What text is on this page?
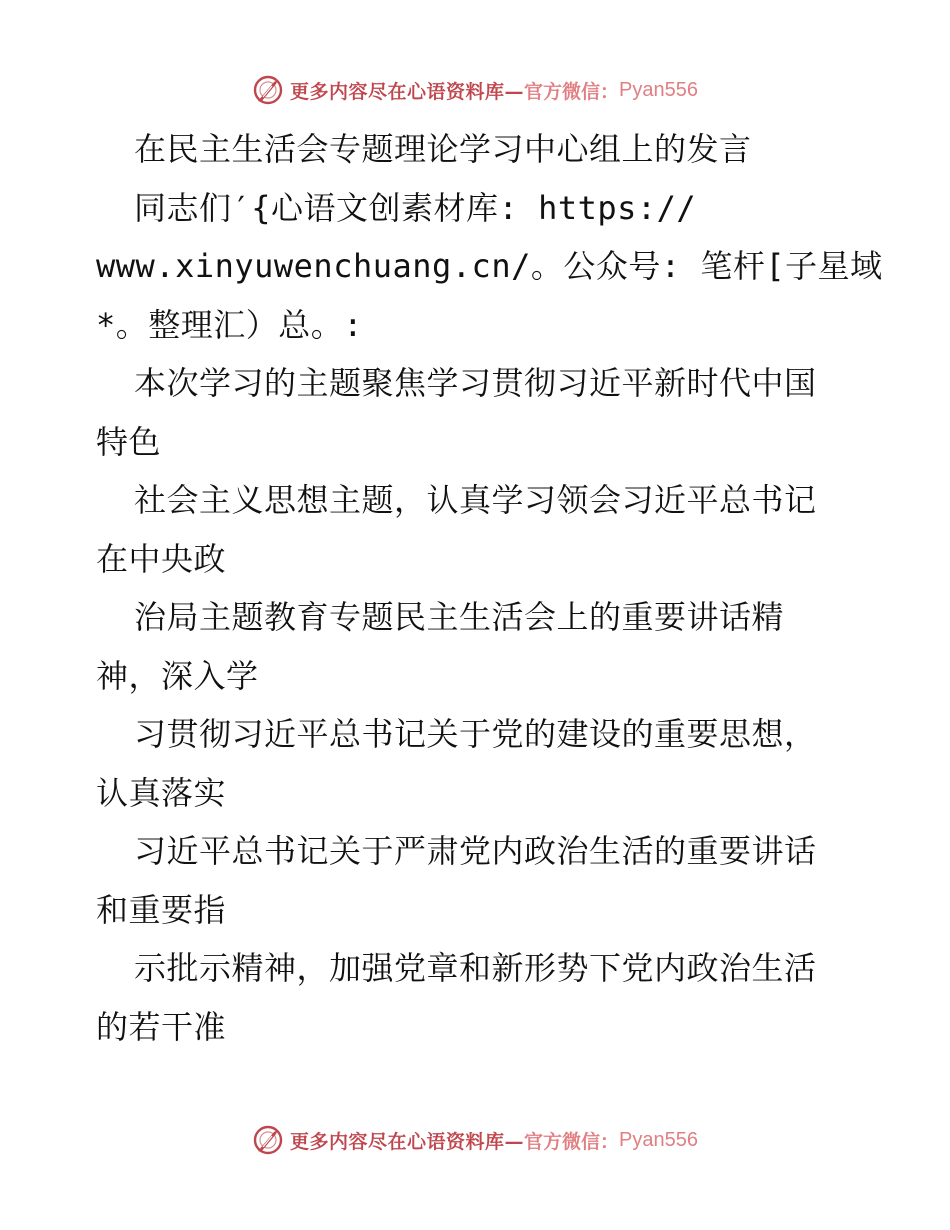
更多内容尽在心语资料库— 官方微信： Pyan556
在民主生活会专题理论学习中心组上的发言
同志们′{心语文创素材库: https://
www.xinyuwenchuang.cn/。公众号: 笔杆[子星域
*。整理汇）总。:
本次学习的主题聚焦学习贯彻习近平新时代中国
特色
社会主义思想主题，认真学习领会习近平总书记
在中央政
治局主题教育专题民主生活会上的重要讲话精
神，深入学
习贯彻习近平总书记关于党的建设的重要思想，
认真落实
习近平总书记关于严肃党内政治生活的重要讲话
和重要指
示批示精神，加强党章和新形势下党内政治生活
的若干准
更多内容尽在心语资料库— 官方微信： Pyan556
